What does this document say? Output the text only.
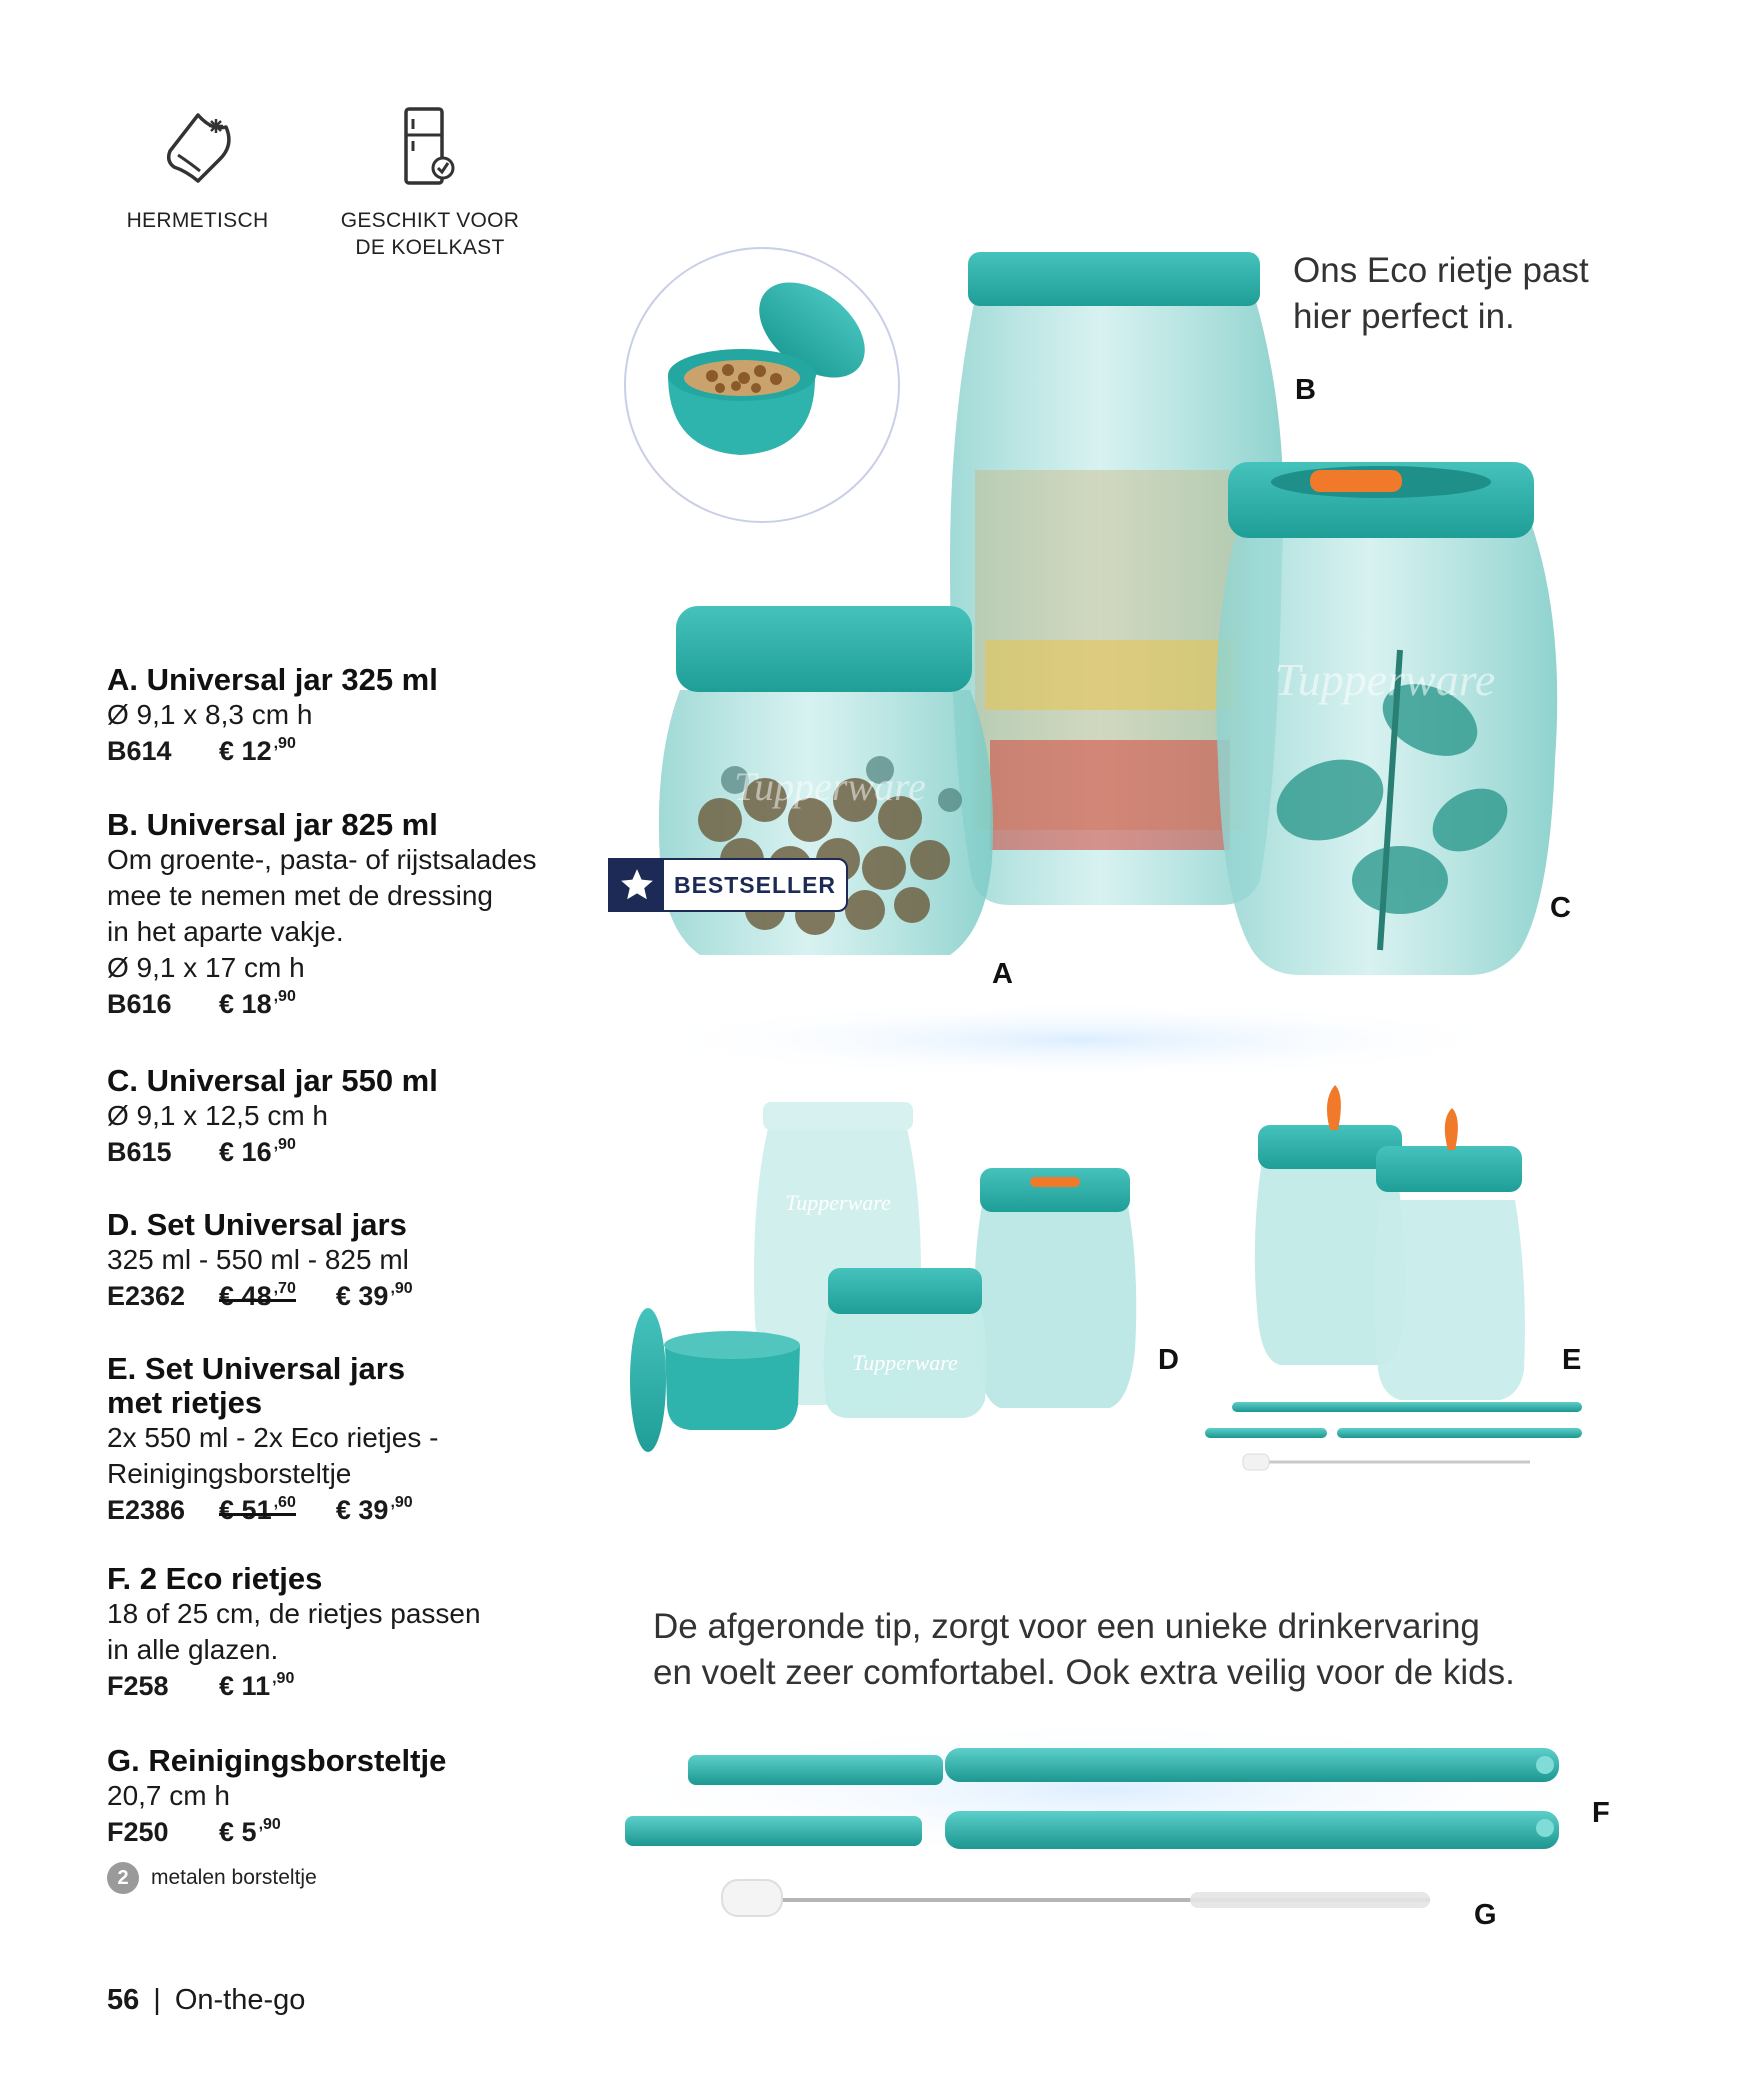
Tupperware
Tupperware
Tupperware
Tupperware
HERMETISCH	GESCHIKT VOOR
DE KOELKAST
Ons Eco rietje past
hier perfect in.
De afgeronde tip, zorgt voor een unieke drinkervaring
en voelt zeer comfortabel. Ook extra veilig voor de kids.
B
C
A
D	E
F
G
BESTSELLER
A. Universal jar 325 ml
Ø 9,1 x 8,3 cm h
B614	€ 12 $^{,90}$
B. Universal jar 825 ml
Om groente-, pasta- of rijstsalades
mee te nemen met de dressing
in het aparte vakje.
Ø 9,1 x 17 cm h
B616	€ 18 $^{,90}$
C. Universal jar 550 ml
Ø 9,1 x 12,5 cm h
B615	€ 16 $^{,90}$
D. Set Universal jars
325 ml - 550 ml - 825 ml
E2362	€ 48 $^{,70}$ € 39 $^{,90}$
E. Set Universal jars
met rietjes
2x 550 ml - 2x Eco rietjes -
Reinigingsborsteltje
E2386	€ 51 $^{,60}$ € 39 $^{,90}$
F. 2 Eco rietjes
18 of 25 cm, de rietjes passen
in alle glazen.
F258	€ 11 $^{,90}$
G. Reinigingsborsteltje
20,7 cm h
F250	€ 5 $^{,90}$
2	metalen borsteltje
56 | On-the-go
